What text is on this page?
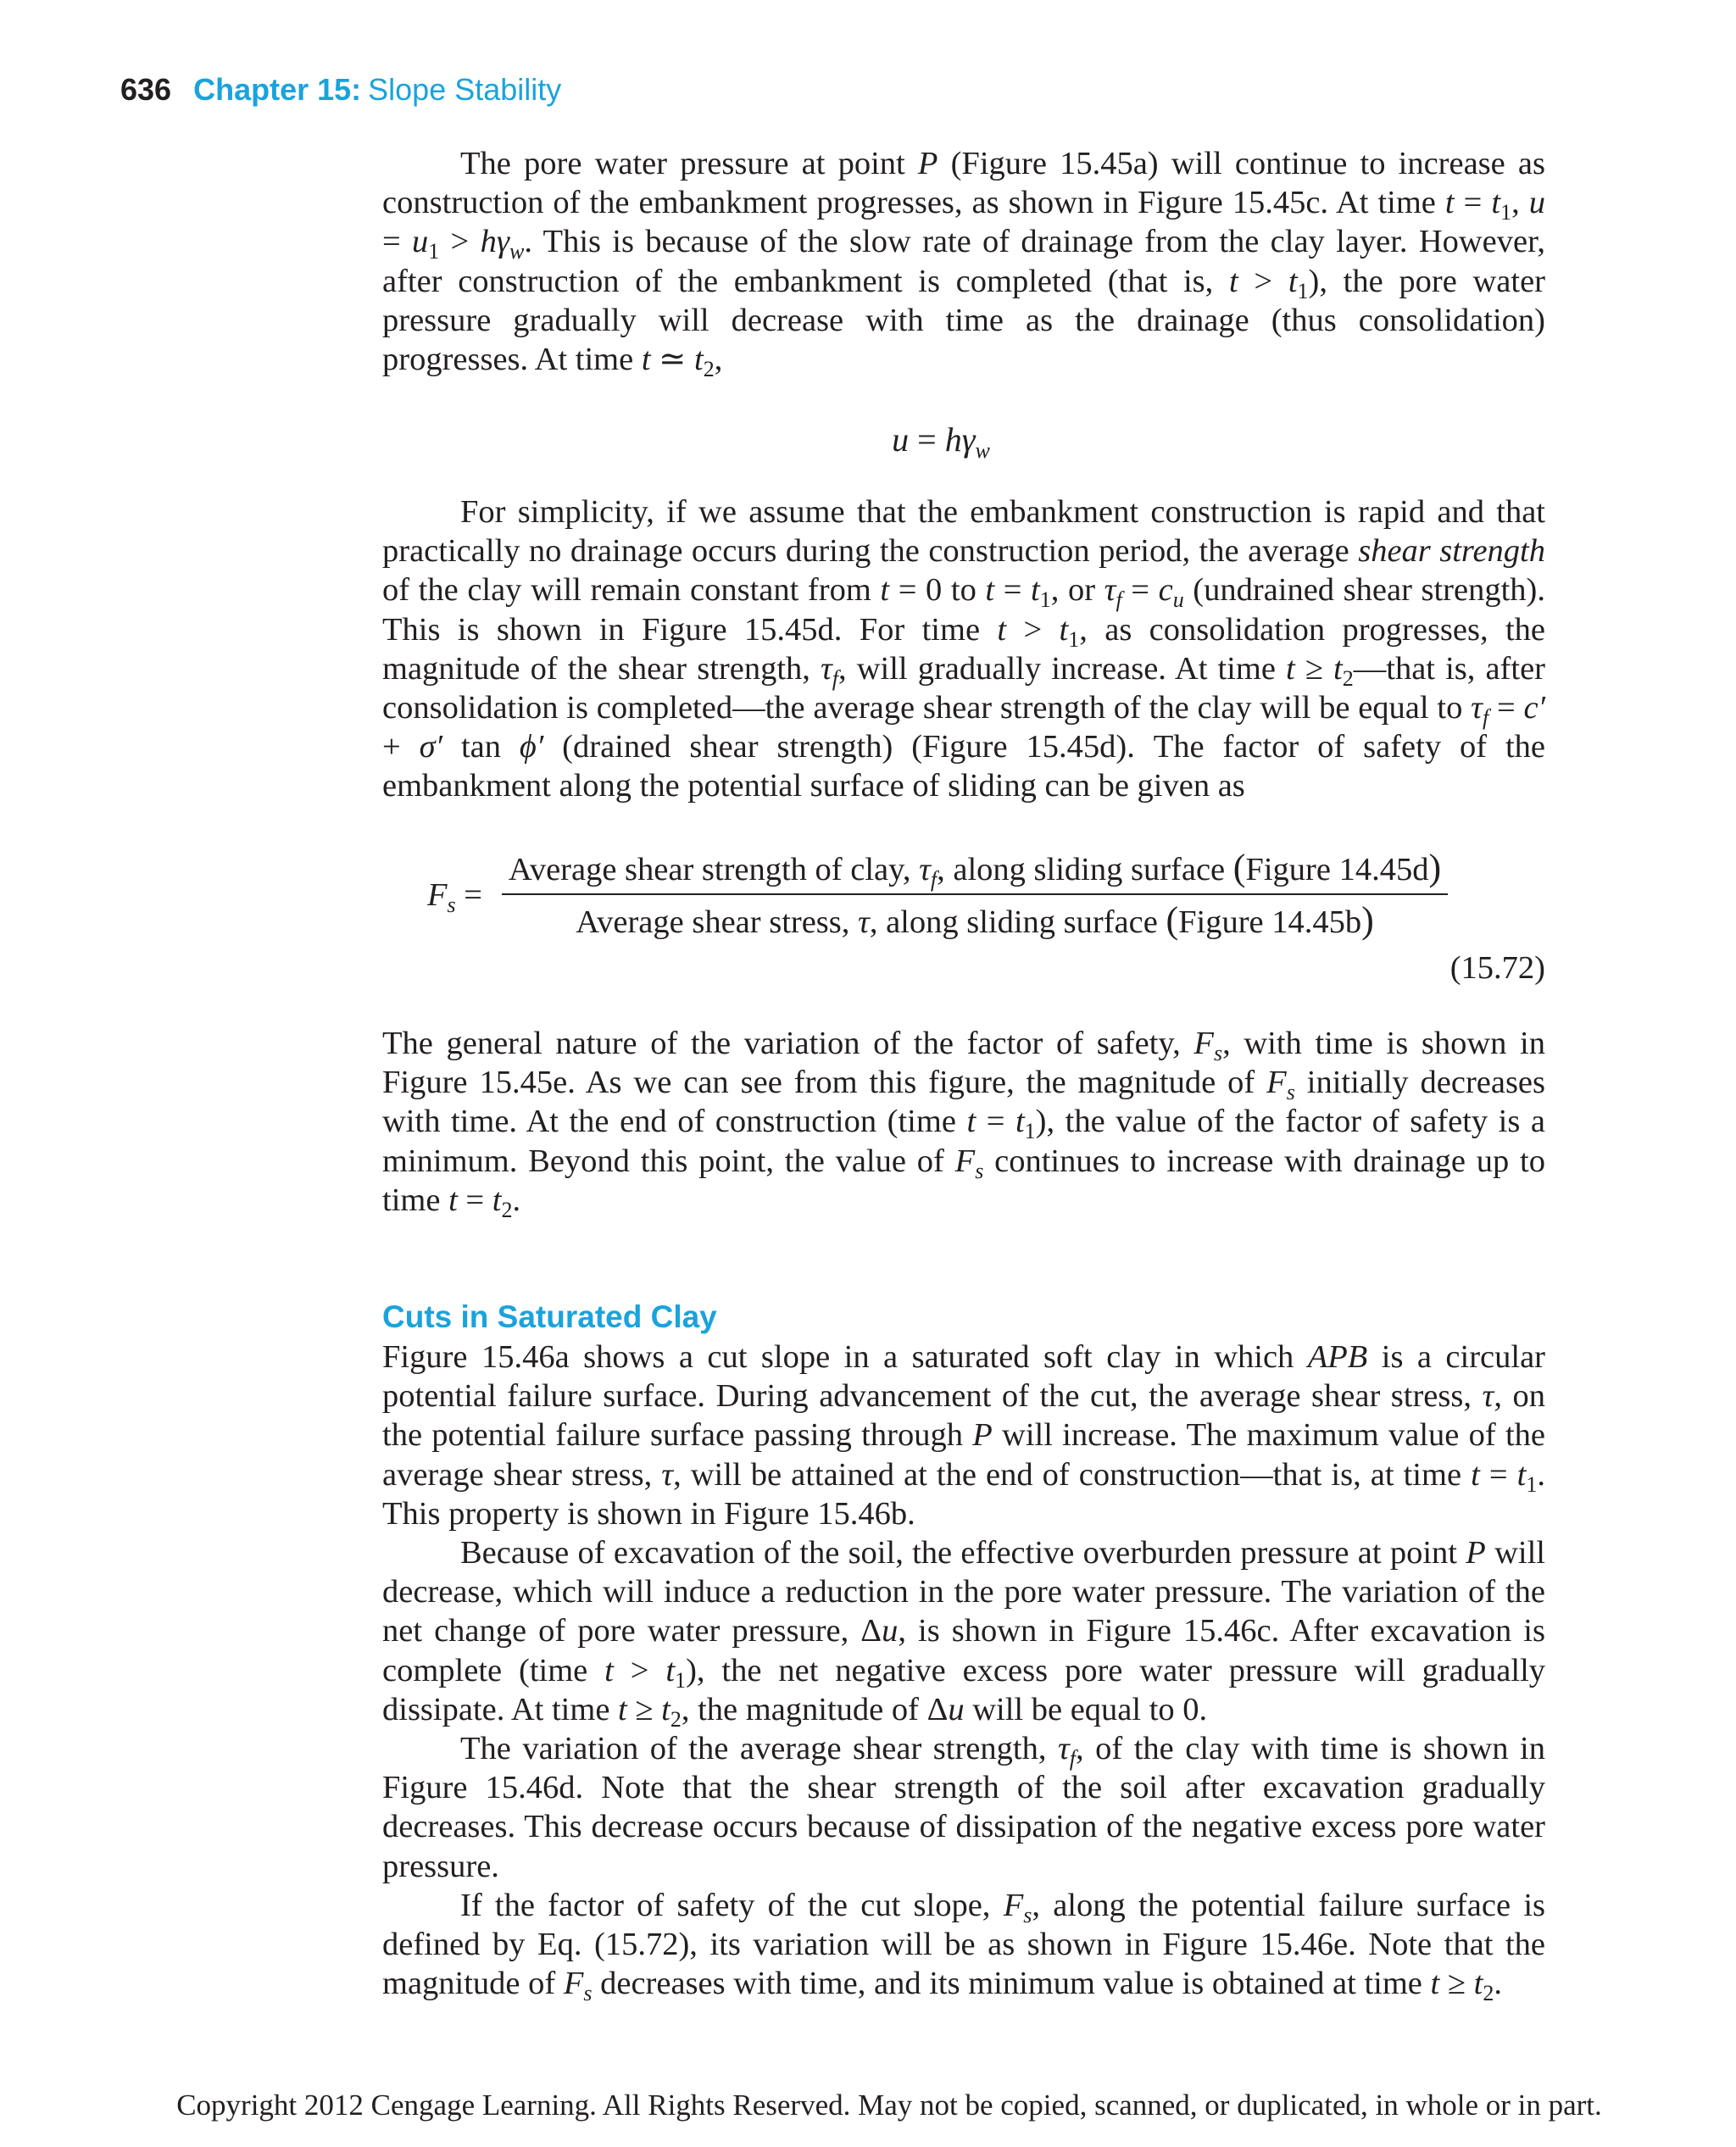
636 Chapter 15: Slope Stability

The pore water pressure at point P (Figure 15.45a) will continue to increase as construction of the embankment progresses, as shown in Figure 15.45c. At time $t = t_1$, $u = u_1 > h\gamma_w$. This is because of the slow rate of drainage from the clay layer. However, after construction of the embankment is completed (that is, $t > t_1$), the pore water pressure gradually will decrease with time as the drainage (thus consolidation) progresses. At time t ≃ $t_2$,

$u = h\gamma_w$

For simplicity, if we assume that the embankment construction is rapid and that practically no drainage occurs during the construction period, the average shear strength of the clay will remain constant from t = 0 to $t = t_1$, or $\tau_f = c_u$ (undrained shear strength). This is shown in Figure 15.45d. For time $t > t_1$, as consolidation progresses, the magnitude of the shear strength, $\tau_f$, will gradually increase. At time $t \ge t_2—that$ is, after consolidation is completed—the average shear strength of the clay will be equal to $\tau_f = c' + \sigma'$ tan ϕ′ (drained shear strength) (Figure 15.45d). The factor of safety of the embankment along the potential surface of sliding can be given as

$F_s$ =
Average shear strength of clay, $\tau_f$, along sliding surface (Figure 14.45d)
Average shear stress, τ, along sliding surface (Figure 14.45b)
(15.72)

The general nature of the variation of the factor of safety, $F_s$, with time is shown in Figure 15.45e. As we can see from this figure, the magnitude of $F_s$ initially decreases with time. At the end of construction (time $t = t_1$), the value of the factor of safety is a minimum. Beyond this point, the value of $F_s$ continues to increase with drainage up to time $t = t_2$.

Cuts in Saturated Clay

Figure 15.46a shows a cut slope in a saturated soft clay in which APB is a circular potential failure surface. During advancement of the cut, the average shear stress, τ, on the potential failure surface passing through P will increase. The maximum value of the average shear stress, τ, will be attained at the end of construction—that is, at time $t = t_1$. This property is shown in Figure 15.46b.

Because of excavation of the soil, the effective overburden pressure at point P will decrease, which will induce a reduction in the pore water pressure. The variation of the net change of pore water pressure, Δu, is shown in Figure 15.46c. After excavation is complete (time $t > t_1$), the net negative excess pore water pressure will gradually dissipate. At time $t \ge t_2$, the magnitude of Δu will be equal to 0.

The variation of the average shear strength, $\tau_f$, of the clay with time is shown in Figure 15.46d. Note that the shear strength of the soil after excavation gradually decreases. This decrease occurs because of dissipation of the negative excess pore water pressure.

If the factor of safety of the cut slope, $F_s$, along the potential failure surface is defined by Eq. (15.72), its variation will be as shown in Figure 15.46e. Note that the magnitude of $F_s$ decreases with time, and its minimum value is obtained at time $t \ge t_2$.

Copyright 2012 Cengage Learning. All Rights Reserved. May not be copied, scanned, or duplicated, in whole or in part.
